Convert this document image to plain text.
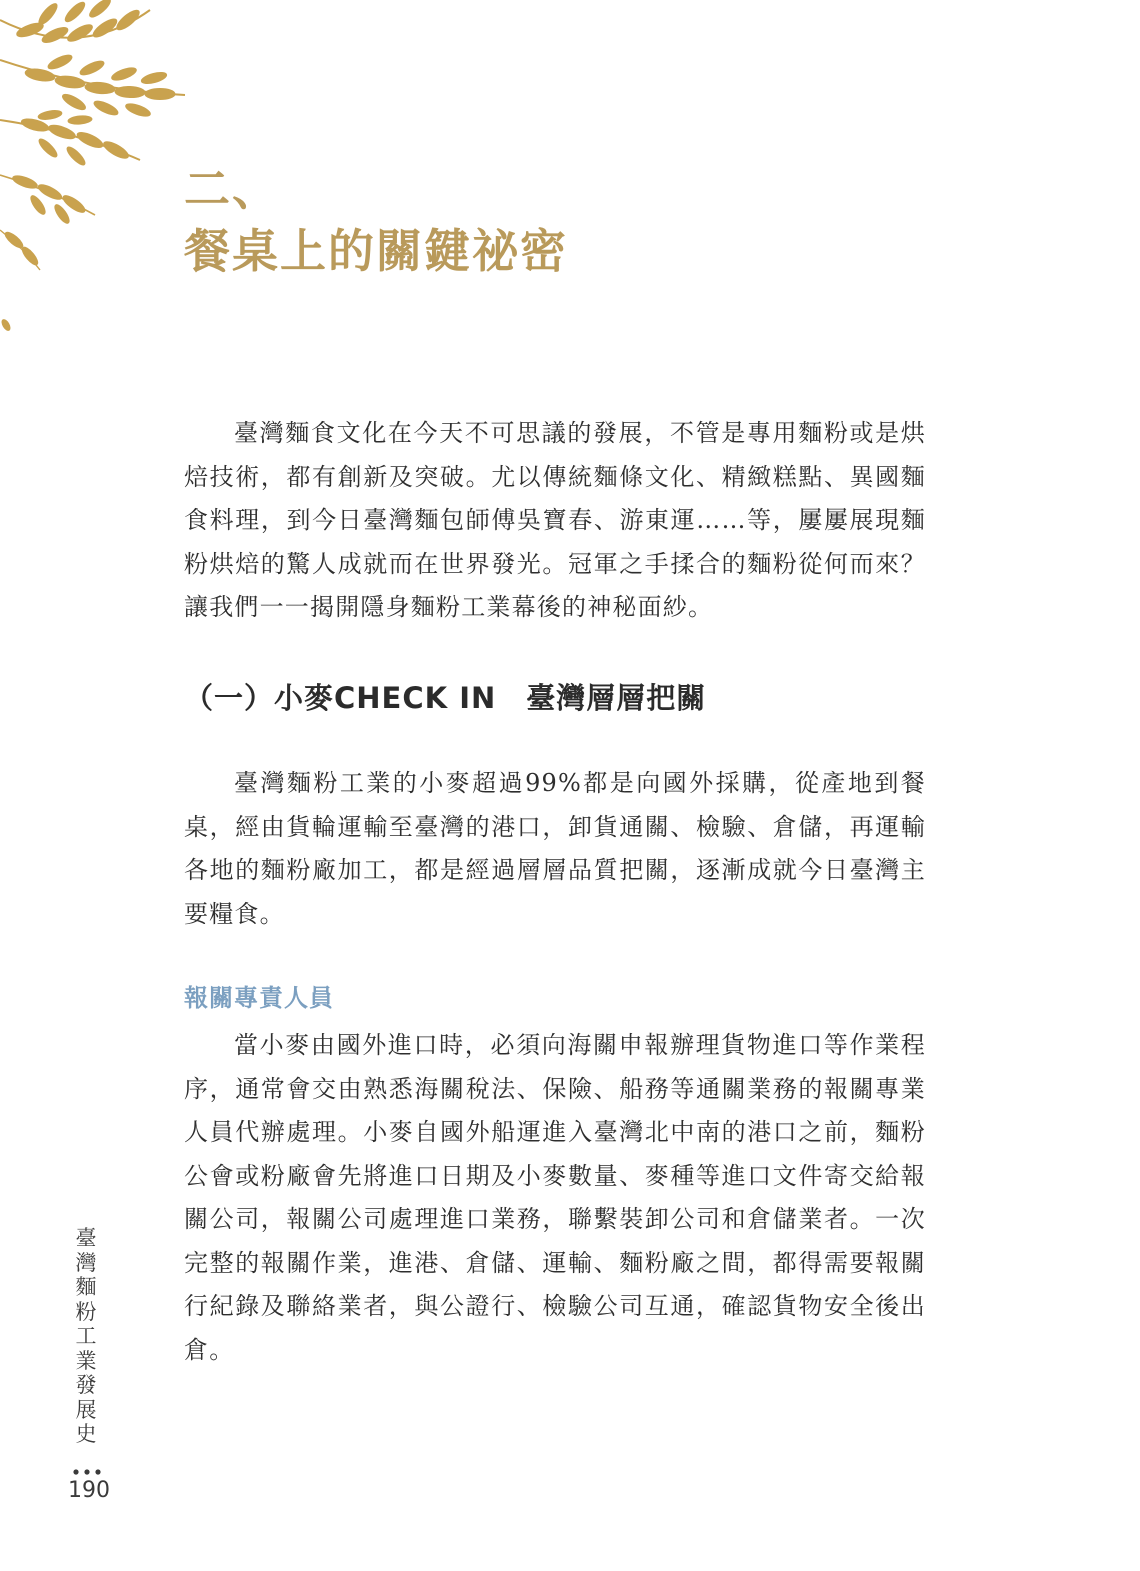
二、
餐桌上的關鍵祕密

臺灣麵食文化在今天不可思議的發展，不管是專用麵粉或是烘焙技術，都有創新及突破。尤以傳統麵條文化、精緻糕點、異國麵食料理，到今日臺灣麵包師傅吳寶春、游東運……等，屢屢展現麵粉烘焙的驚人成就而在世界發光。冠軍之手揉合的麵粉從何而來？讓我們一一揭開隱身麵粉工業幕後的神秘面紗。

（一）小麥CHECK IN　臺灣層層把關

臺灣麵粉工業的小麥超過99%都是向國外採購，從產地到餐桌，經由貨輪運輸至臺灣的港口，卸貨通關、檢驗、倉儲，再運輸各地的麵粉廠加工，都是經過層層品質把關，逐漸成就今日臺灣主要糧食。

報關專責人員

當小麥由國外進口時，必須向海關申報辦理貨物進口等作業程序，通常會交由熟悉海關稅法、保險、船務等通關業務的報關專業人員代辦處理。小麥自國外船運進入臺灣北中南的港口之前，麵粉公會或粉廠會先將進口日期及小麥數量、麥種等進口文件寄交給報關公司，報關公司處理進口業務，聯繫裝卸公司和倉儲業者。一次完整的報關作業，進港、倉儲、運輸、麵粉廠之間，都得需要報關行紀錄及聯絡業者，與公證行、檢驗公司互通，確認貨物安全後出倉。

臺灣麵粉工業發展史

190
